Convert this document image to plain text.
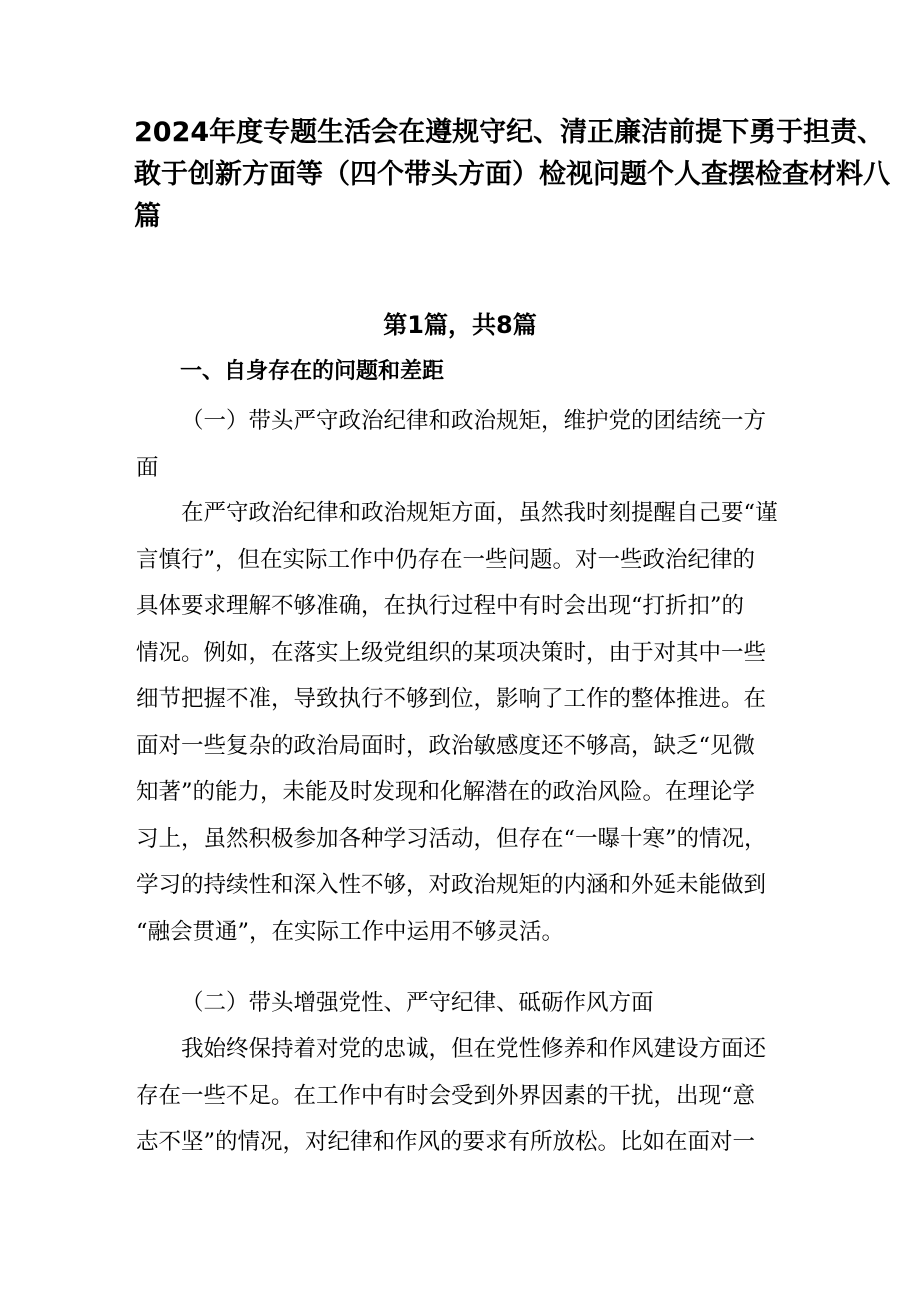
2024年度专题生活会在遵规守纪、清正廉洁前提下勇于担责、
敢于创新方面等（四个带头方面）检视问题个人查摆检查材料八
篇
第1篇，共8篇
一、自身存在的问题和差距
（一）带头严守政治纪律和政治规矩，维护党的团结统一方
面
在严守政治纪律和政治规矩方面，虽然我时刻提醒自己要“谨
言慎行”，但在实际工作中仍存在一些问题。对一些政治纪律的
具体要求理解不够准确，在执行过程中有时会出现“打折扣”的
情况。例如，在落实上级党组织的某项决策时，由于对其中一些
细节把握不准，导致执行不够到位，影响了工作的整体推进。在
面对一些复杂的政治局面时，政治敏感度还不够高，缺乏“见微
知著”的能力，未能及时发现和化解潜在的政治风险。在理论学
习上，虽然积极参加各种学习活动，但存在“一曝十寒”的情况，
学习的持续性和深入性不够，对政治规矩的内涵和外延未能做到
“融会贯通”，在实际工作中运用不够灵活。
（二）带头增强党性、严守纪律、砥砺作风方面
我始终保持着对党的忠诚，但在党性修养和作风建设方面还
存在一些不足。在工作中有时会受到外界因素的干扰，出现“意
志不坚”的情况，对纪律和作风的要求有所放松。比如在面对一
